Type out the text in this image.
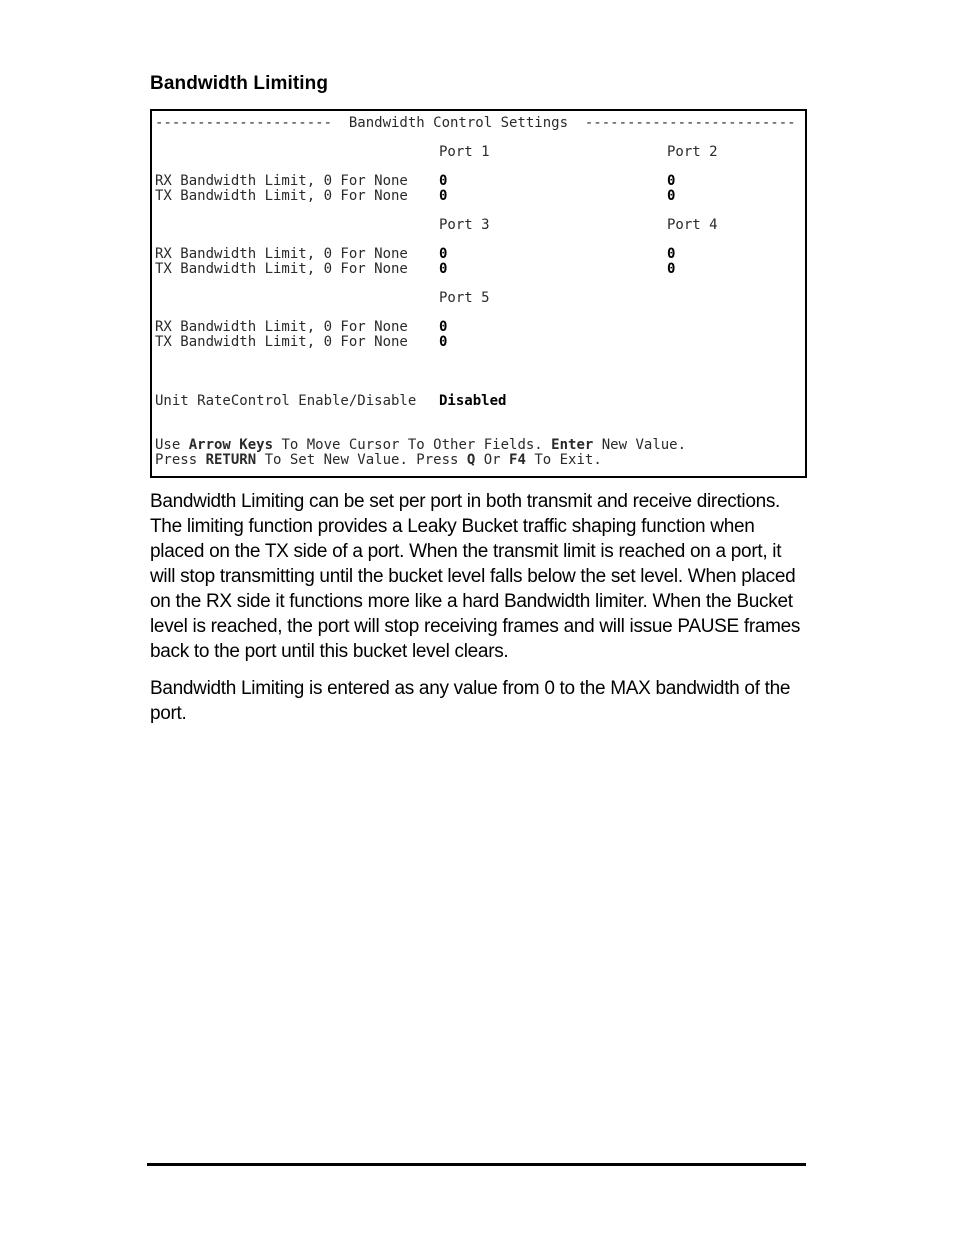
Bandwidth Limiting
---------------------  Bandwidth Control Settings  -------------------------
Port 1	Port 2
RX Bandwidth Limit, 0 For None
TX Bandwidth Limit, 0 For None
0
0
0
0
Port 3	Port 4
RX Bandwidth Limit, 0 For None
TX Bandwidth Limit, 0 For None
0
0
0
0
Port 5
RX Bandwidth Limit, 0 For None
TX Bandwidth Limit, 0 For None
0
0
Unit RateControl Enable/Disable Disabled
Use Arrow Keys To Move Cursor To Other Fields. Enter New Value.
Press RETURN To Set New Value. Press Q Or F4 To Exit.
Bandwidth Limiting can be set per port in both transmit and receive directions. The limiting function provides a Leaky Bucket traffic shaping function when placed on the TX side of a port. When the transmit limit is reached on a port, it will stop transmitting until the bucket level falls below the set level. When placed on the RX side it functions more like a hard Bandwidth limiter. When the Bucket level is reached, the port will stop receiving frames and will issue PAUSE frames back to the port until this bucket level clears.
Bandwidth Limiting is entered as any value from 0 to the MAX bandwidth of the port.
